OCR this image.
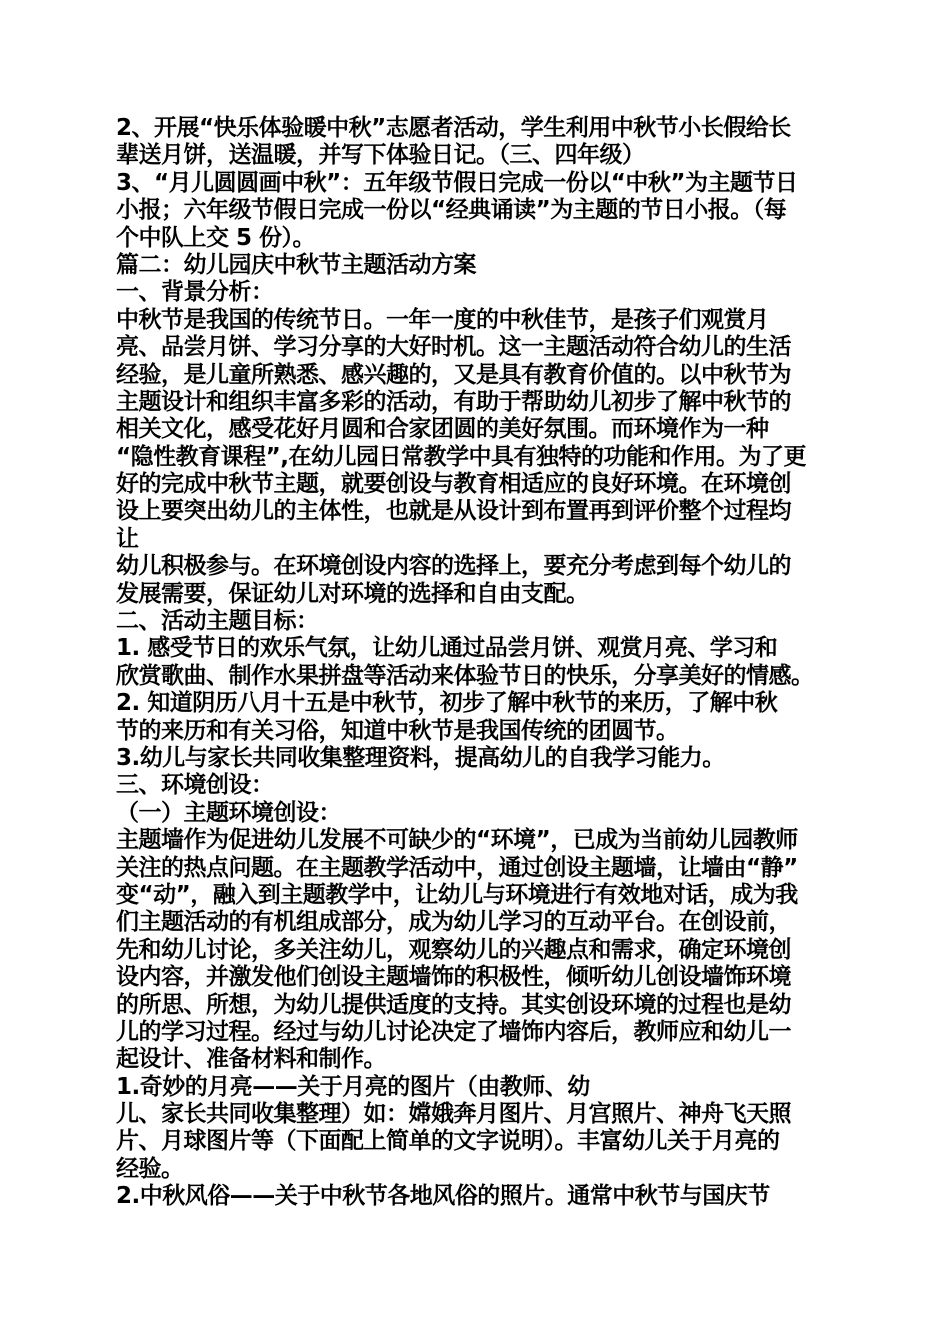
2、开展“快乐体验暖中秋”志愿者活动，学生利用中秋节小长假给长
辈送月饼，送温暖，并写下体验日记。（三、四年级）
3、“月儿圆圆画中秋”：五年级节假日完成一份以“中秋”为主题节日
小报；六年级节假日完成一份以“经典诵读”为主题的节日小报。（每
个中队上交 5 份）。
篇二：幼儿园庆中秋节主题活动方案
一、背景分析：
中秋节是我国的传统节日。一年一度的中秋佳节，是孩子们观赏月
亮、品尝月饼、学习分享的大好时机。这一主题活动符合幼儿的生活
经验，是儿童所熟悉、感兴趣的，又是具有教育价值的。以中秋节为
主题设计和组织丰富多彩的活动，有助于帮助幼儿初步了解中秋节的
相关文化，感受花好月圆和合家团圆的美好氛围。而环境作为一种
“隐性教育课程”,在幼儿园日常教学中具有独特的功能和作用。为了更
好的完成中秋节主题，就要创设与教育相适应的良好环境。在环境创
设上要突出幼儿的主体性，也就是从设计到布置再到评价整个过程均
让
幼儿积极参与。在环境创设内容的选择上，要充分考虑到每个幼儿的
发展需要，保证幼儿对环境的选择和自由支配。
二、活动主题目标：
1. 感受节日的欢乐气氛，让幼儿通过品尝月饼、观赏月亮、学习和
欣赏歌曲、制作水果拼盘等活动来体验节日的快乐，分享美好的情感。
2. 知道阴历八月十五是中秋节，初步了解中秋节的来历，了解中秋
节的来历和有关习俗，知道中秋节是我国传统的团圆节。
3.幼儿与家长共同收集整理资料，提高幼儿的自我学习能力。
三、环境创设：
（一）主题环境创设：
主题墙作为促进幼儿发展不可缺少的“环境”，已成为当前幼儿园教师
关注的热点问题。在主题教学活动中，通过创设主题墙，让墙由“静”
变“动”，融入到主题教学中，让幼儿与环境进行有效地对话，成为我
们主题活动的有机组成部分，成为幼儿学习的互动平台。在创设前，
先和幼儿讨论，多关注幼儿，观察幼儿的兴趣点和需求，确定环境创
设内容，并激发他们创设主题墙饰的积极性，倾听幼儿创设墙饰环境
的所思、所想，为幼儿提供适度的支持。其实创设环境的过程也是幼
儿的学习过程。经过与幼儿讨论决定了墙饰内容后，教师应和幼儿一
起设计、准备材料和制作。
1.奇妙的月亮——关于月亮的图片（由教师、幼
儿、家长共同收集整理）如：嫦娥奔月图片、月宫照片、神舟飞天照
片、月球图片等（下面配上简单的文字说明）。丰富幼儿关于月亮的
经验。
2.中秋风俗——关于中秋节各地风俗的照片。通常中秋节与国庆节
